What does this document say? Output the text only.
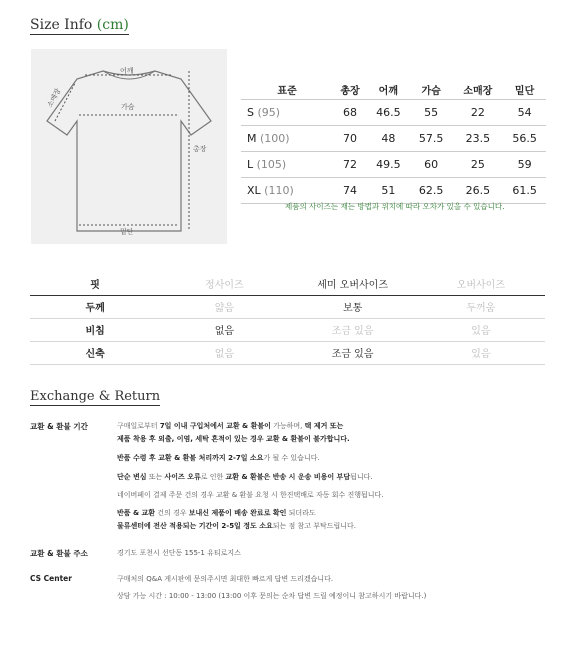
Size Info (cm)
어깨
소매장	가슴
총장
밑단
표준	총장	어깨	가슴	소매장	밑단
S (95)	68	46.5	55	22	54
M (100)	70	48	57.5	23.5	56.5
L (105)	72	49.5	60	25	59
XL (110)	74	51	62.5	26.5	61.5
제품의 사이즈는 재는 방법과 위치에 따라 오차가 있을 수 있습니다.
핏	정사이즈	세미 오버사이즈	오버사이즈
두께	얇음	보통	두꺼움
비침	없음	조금 있음	있음
신축	없음	조금 있음	있음
Exchange & Return
교환 & 환불 기간	구매일로부터 7일 이내 구입처에서 교환 & 환불이 가능하며, 택 제거 또는
제품 착용 후 외출, 이염, 세탁 흔적이 있는 경우 교환 & 환불이 불가합니다.
반품 수령 후 교환 & 환불 처리까지 2-7일 소요가 될 수 있습니다.
단순 변심 또는 사이즈 오류로 인한 교환 & 환불은 반송 시 운송 비용이 부담됩니다.
네이버페이 결제 주문 건의 경우 교환 & 환불 요청 시 한진택배로 자동 회수 진행됩니다.
반품 & 교환 건의 경우 보내신 제품이 배송 완료로 확인 되더라도
물류센터에 전산 적용되는 기간이 2-5일 정도 소요되는 점 참고 부탁드립니다.
교환 & 환불 주소	경기도 포천시 선단동 155-1 유티로지스
CS Center	구매처의 Q&A 게시판에 문의주시면 최대한 빠르게 답변 드리겠습니다.
상담 가능 시간 : 10:00 - 13:00 (13:00 이후 문의는 순차 답변 드릴 예정이니 참고하시기 바랍니다.)
